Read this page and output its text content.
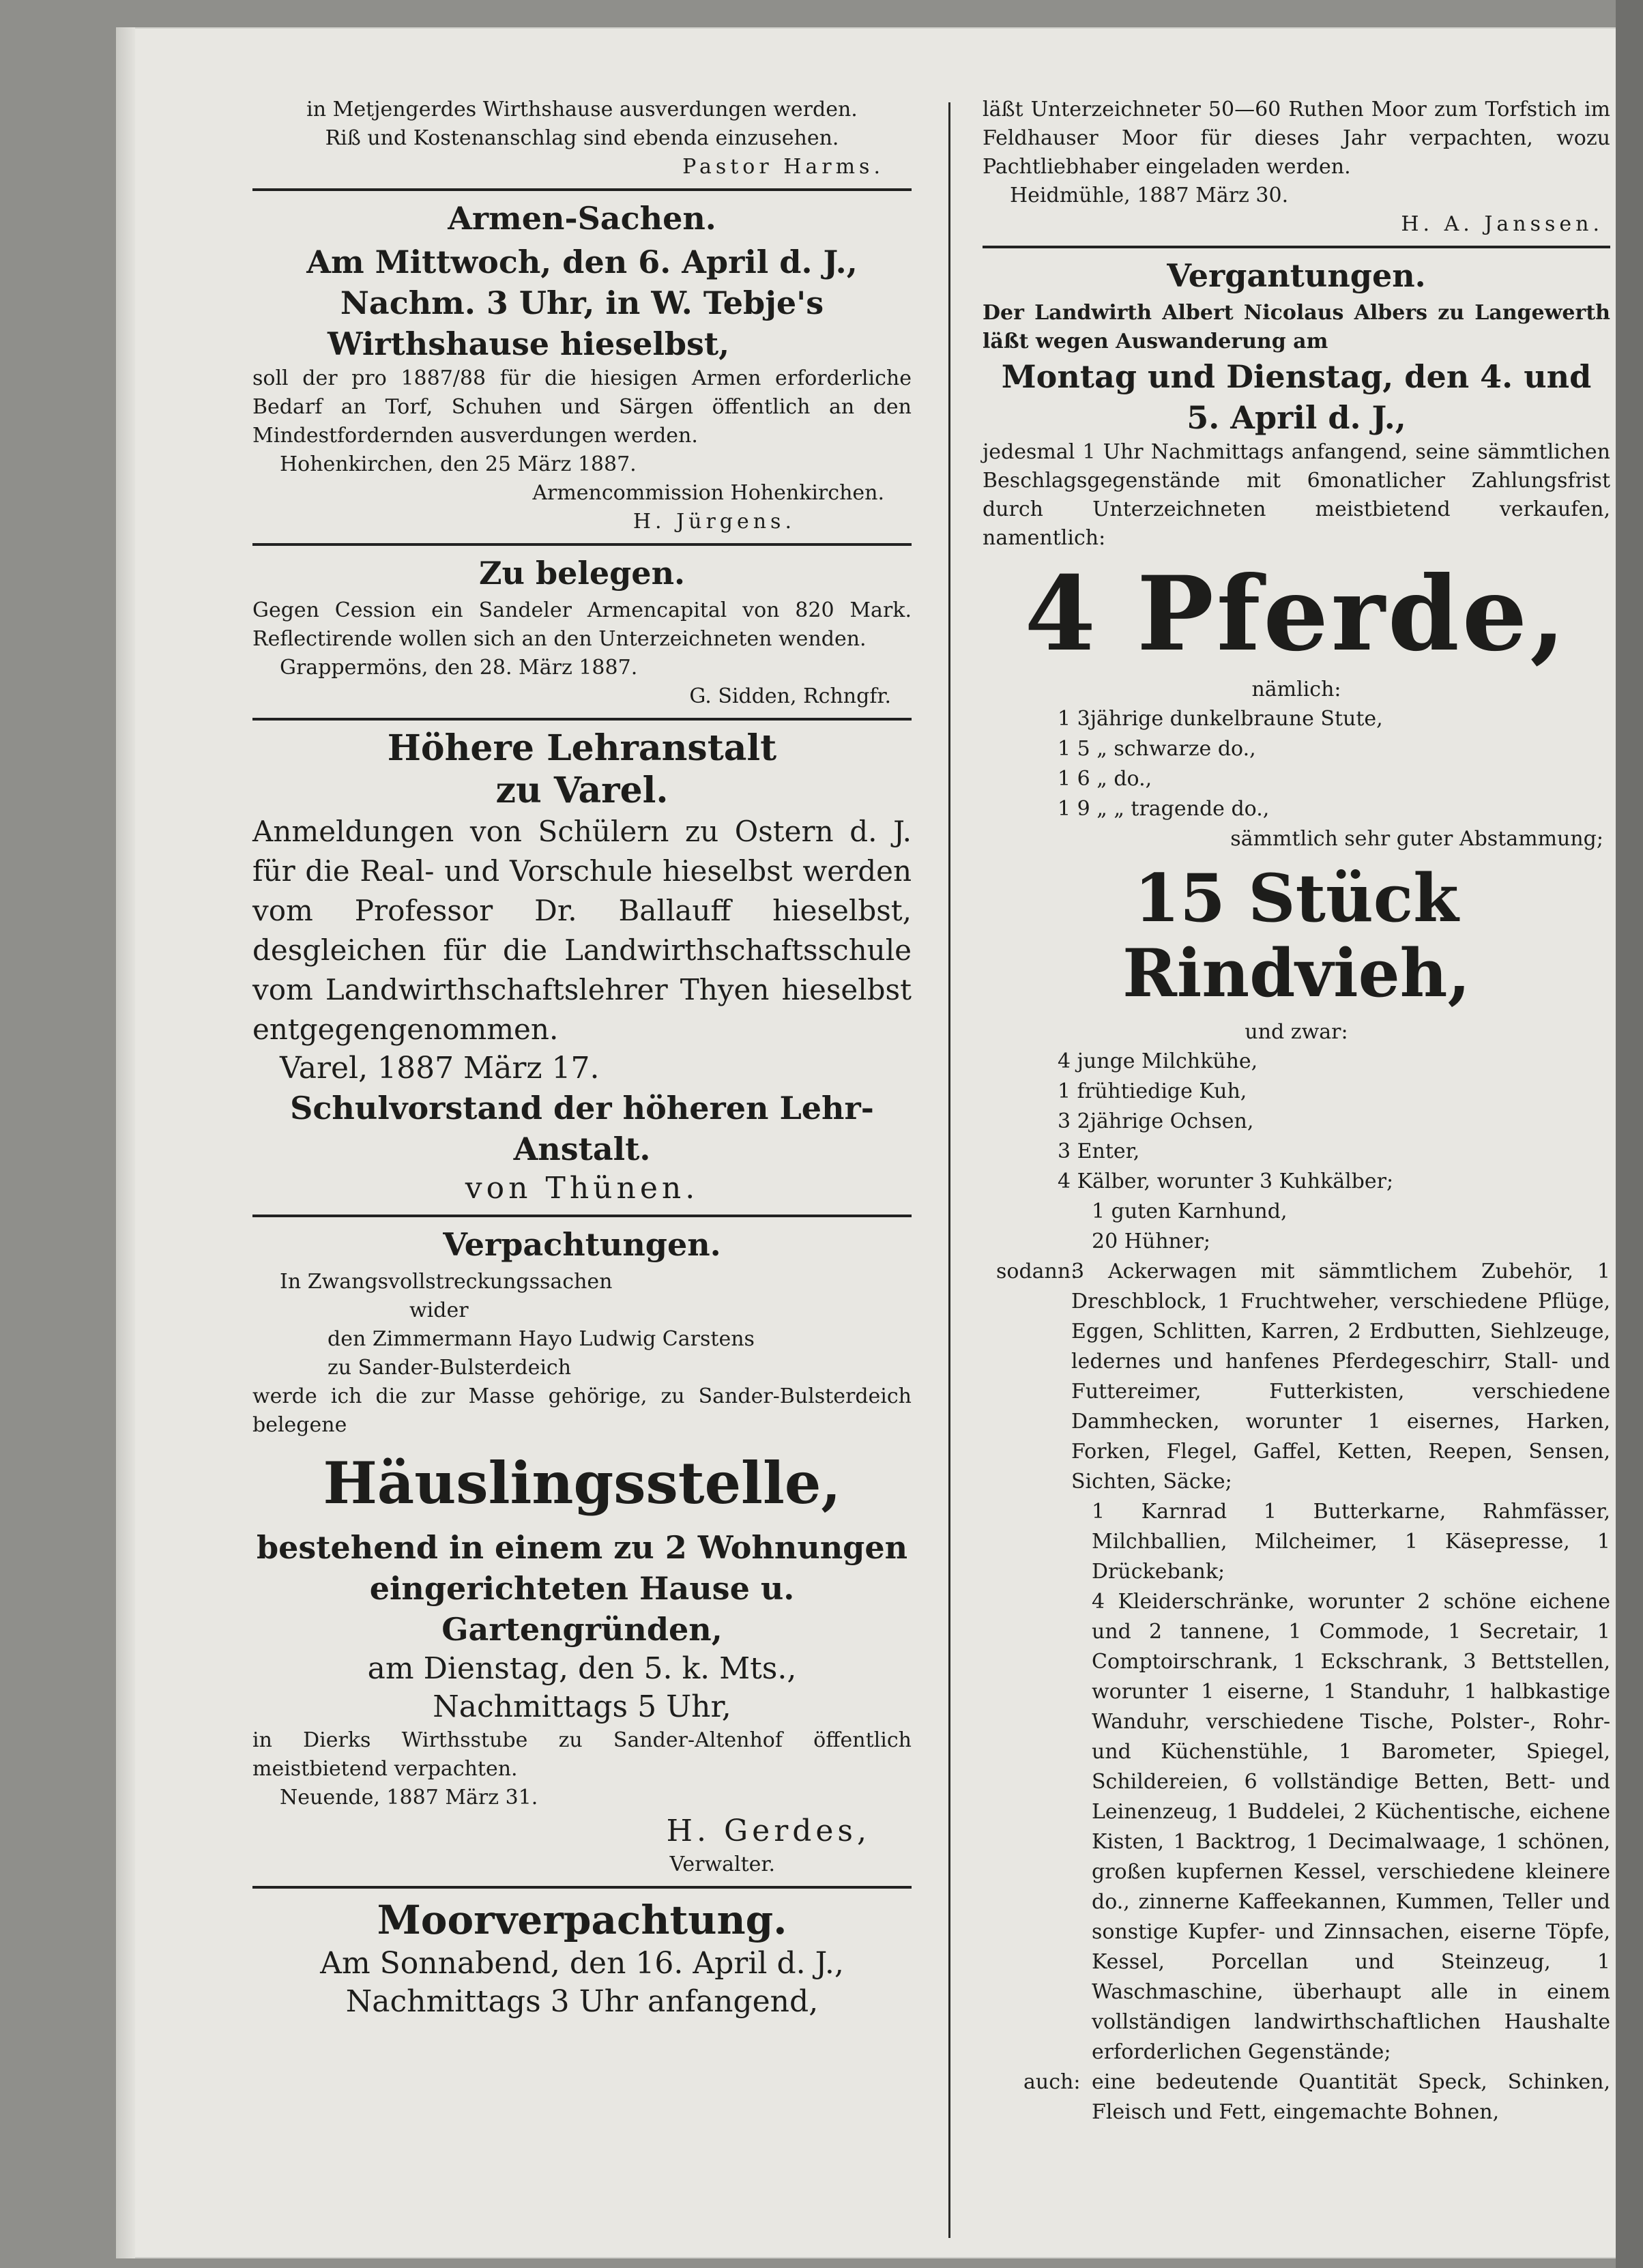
in Metjengerdes Wirthshause ausverdungen werden.

Riß und Kostenanschlag sind ebenda einzusehen.

Pastor Harms.

Armen-Sachen.

Am Mittwoch, den 6. April d. J.,

Nachm. 3 Uhr, in W. Tebje's

Wirthshause hieselbst,

soll der pro 1887/88 für die hiesigen Armen erforderliche Bedarf an Torf, Schuhen und Särgen öffentlich an den Mindestfordernden ausverdungen werden.

Hohenkirchen, den 25 März 1887.

Armencommission Hohenkirchen.

H. Jürgens.

Zu belegen.

Gegen Cession ein Sandeler Armencapital von 820 Mark. Reflectirende wollen sich an den Unterzeichneten wenden.

Grappermöns, den 28. März 1887.

G. Sidden, Rchngfr.

Höhere Lehranstalt

zu Varel.

Anmeldungen von Schülern zu Ostern d. J. für die Real- und Vorschule hieselbst werden vom Professor Dr. Ballauff hieselbst, desgleichen für die Landwirthschaftsschule vom Landwirthschaftslehrer Thyen hieselbst entgegengenommen.

Varel, 1887 März 17.

Schulvorstand der höheren Lehr-

Anstalt.

von Thünen.

Verpachtungen.

In Zwangsvollstreckungssachen

wider

den Zimmermann Hayo Ludwig Carstens

zu Sander-Bulsterdeich

werde ich die zur Masse gehörige, zu Sander-Bulsterdeich belegene

Häuslingsstelle,

bestehend in einem zu 2 Wohnungen

eingerichteten Hause u. Gartengründen,

am Dienstag, den 5. k. Mts.,

Nachmittags 5 Uhr,

in Dierks Wirthsstube zu Sander-Altenhof öffentlich meistbietend verpachten.

Neuende, 1887 März 31.

H. Gerdes,

Verwalter.

Moorverpachtung.

Am Sonnabend, den 16. April d. J.,

Nachmittags 3 Uhr anfangend,

läßt Unterzeichneter 50—60 Ruthen Moor zum Torfstich im Feldhauser Moor für dieses Jahr verpachten, wozu Pachtliebhaber eingeladen werden.

Heidmühle, 1887 März 30.

H. A. Janssen.

Vergantungen.

Der Landwirth Albert Nicolaus Albers zu Langewerth läßt wegen Auswanderung am

Montag und Dienstag, den 4. und

5. April d. J.,

jedesmal 1 Uhr Nachmittags anfangend, seine sämmtlichen Beschlagsgegenstände mit 6monatlicher Zahlungsfrist durch Unterzeichneten meistbietend verkaufen, namentlich:

4 Pferde,

nämlich:

1 3jährige dunkelbraune Stute,

1 5 „ schwarze do.,

1 6 „ do.,

1 9 „ „ tragende do.,

sämmtlich sehr guter Abstammung;

15 Stück Rindvieh,

und zwar:

4 junge Milchkühe,

1 frühtiedige Kuh,

3 2jährige Ochsen,

3 Enter,

4 Kälber, worunter 3 Kuhkälber;

1 guten Karnhund,

20 Hühner;

sodann:

3 Ackerwagen mit sämmtlichem Zubehör, 1 Dreschblock, 1 Fruchtweher, verschiedene Pflüge, Eggen, Schlitten, Karren, 2 Erdbutten, Siehlzeuge, ledernes und hanfenes Pferdegeschirr, Stall- und Futtereimer, Futterkisten, verschiedene Dammhecken, worunter 1 eisernes, Harken, Forken, Flegel, Gaffel, Ketten, Reepen, Sensen, Sichten, Säcke;

1 Karnrad 1 Butterkarne, Rahmfässer, Milchballien, Milcheimer, 1 Käsepresse, 1 Drückebank;

4 Kleiderschränke, worunter 2 schöne eichene und 2 tannene, 1 Commode, 1 Secretair, 1 Comptoirschrank, 1 Eckschrank, 3 Bettstellen, worunter 1 eiserne, 1 Standuhr, 1 halbkastige Wanduhr, verschiedene Tische, Polster-, Rohr- und Küchenstühle, 1 Barometer, Spiegel, Schildereien, 6 vollständige Betten, Bett- und Leinenzeug, 1 Buddelei, 2 Küchentische, eichene Kisten, 1 Backtrog, 1 Decimalwaage, 1 schönen, großen kupfernen Kessel, verschiedene kleinere do., zinnerne Kaffeekannen, Kummen, Teller und sonstige Kupfer- und Zinnsachen, eiserne Töpfe, Kessel, Porcellan und Steinzeug, 1 Waschmaschine, überhaupt alle in einem vollständigen landwirthschaftlichen Haushalte erforderlichen Gegenstände;

auch: eine bedeutende Quantität Speck, Schinken, Fleisch und Fett, eingemachte Bohnen,
